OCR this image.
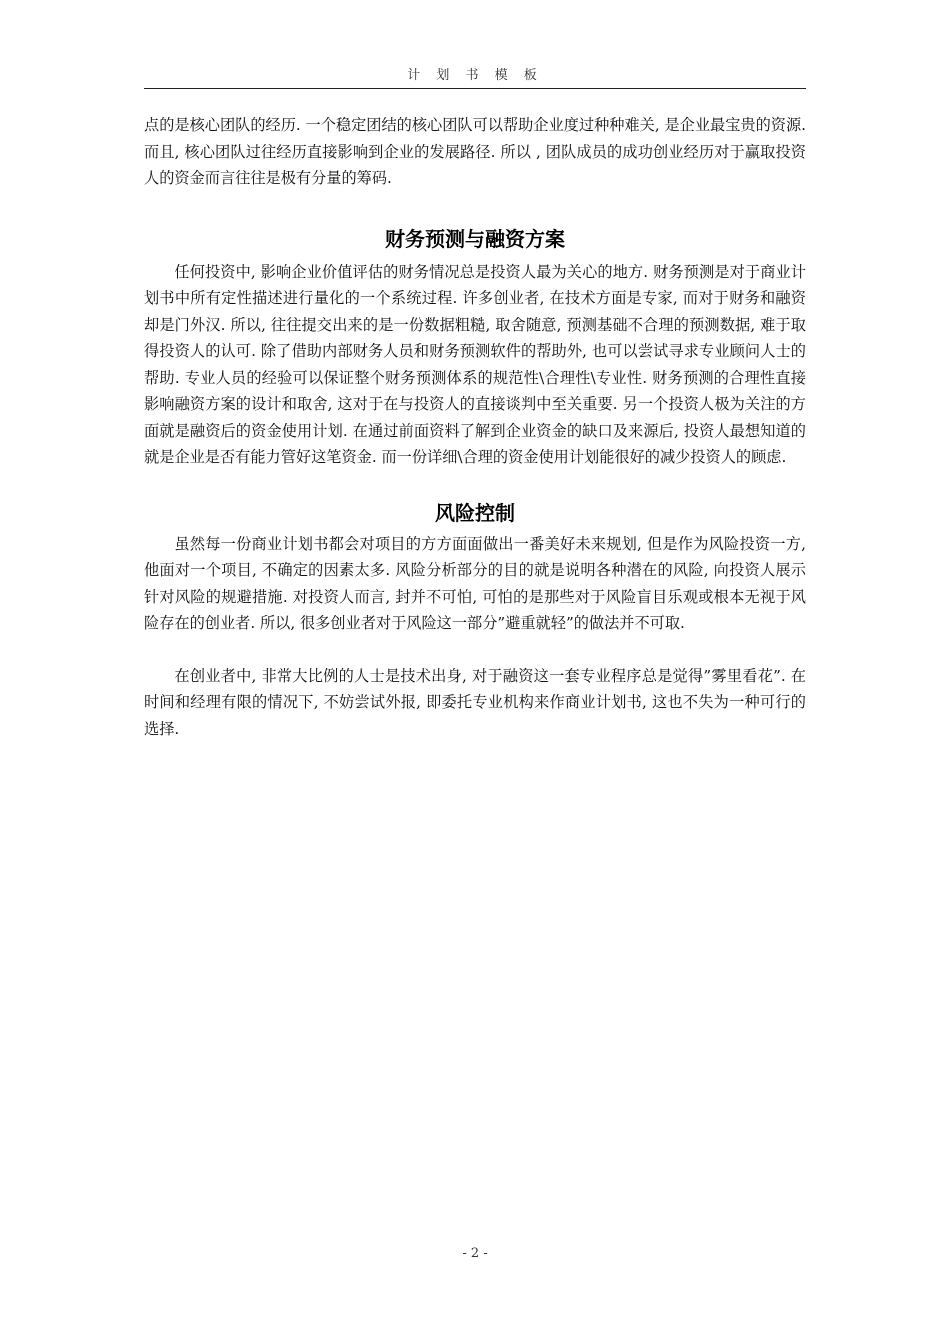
计 划 书 模 板

点的是核心团队的经历. 一个稳定团结的核心团队可以帮助企业度过种种难关, 是企业最宝贵的资源. 而且, 核心团队过往经历直接影响到企业的发展路径. 所以 , 团队成员的成功创业经历对于赢取投资人的资金而言往往是极有分量的筹码.

财务预测与融资方案

任何投资中, 影响企业价值评估的财务情况总是投资人最为关心的地方. 财务预测是对于商业计划书中所有定性描述进行量化的一个系统过程. 许多创业者, 在技术方面是专家, 而对于财务和融资却是门外汉. 所以, 往往提交出来的是一份数据粗糙, 取舍随意, 预测基础不合理的预测数据, 难于取得投资人的认可. 除了借助内部财务人员和财务预测软件的帮助外, 也可以尝试寻求专业顾问人士的帮助. 专业人员的经验可以保证整个财务预测体系的规范性\合理性\专业性. 财务预测的合理性直接影响融资方案的设计和取舍, 这对于在与投资人的直接谈判中至关重要. 另一个投资人极为关注的方面就是融资后的资金使用计划. 在通过前面资料了解到企业资金的缺口及来源后, 投资人最想知道的就是企业是否有能力管好这笔资金. 而一份详细\合理的资金使用计划能很好的减少投资人的顾虑.

风险控制

虽然每一份商业计划书都会对项目的方方面面做出一番美好未来规划, 但是作为风险投资一方, 他面对一个项目, 不确定的因素太多. 风险分析部分的目的就是说明各种潜在的风险, 向投资人展示针对风险的规避措施. 对投资人而言, 封并不可怕, 可怕的是那些对于风险盲目乐观或根本无视于风险存在的创业者. 所以, 很多创业者对于风险这一部分”避重就轻”的做法并不可取.

在创业者中, 非常大比例的人士是技术出身, 对于融资这一套专业程序总是觉得”雾里看花”. 在时间和经理有限的情况下, 不妨尝试外报, 即委托专业机构来作商业计划书, 这也不失为一种可行的选择.

- 2 -
